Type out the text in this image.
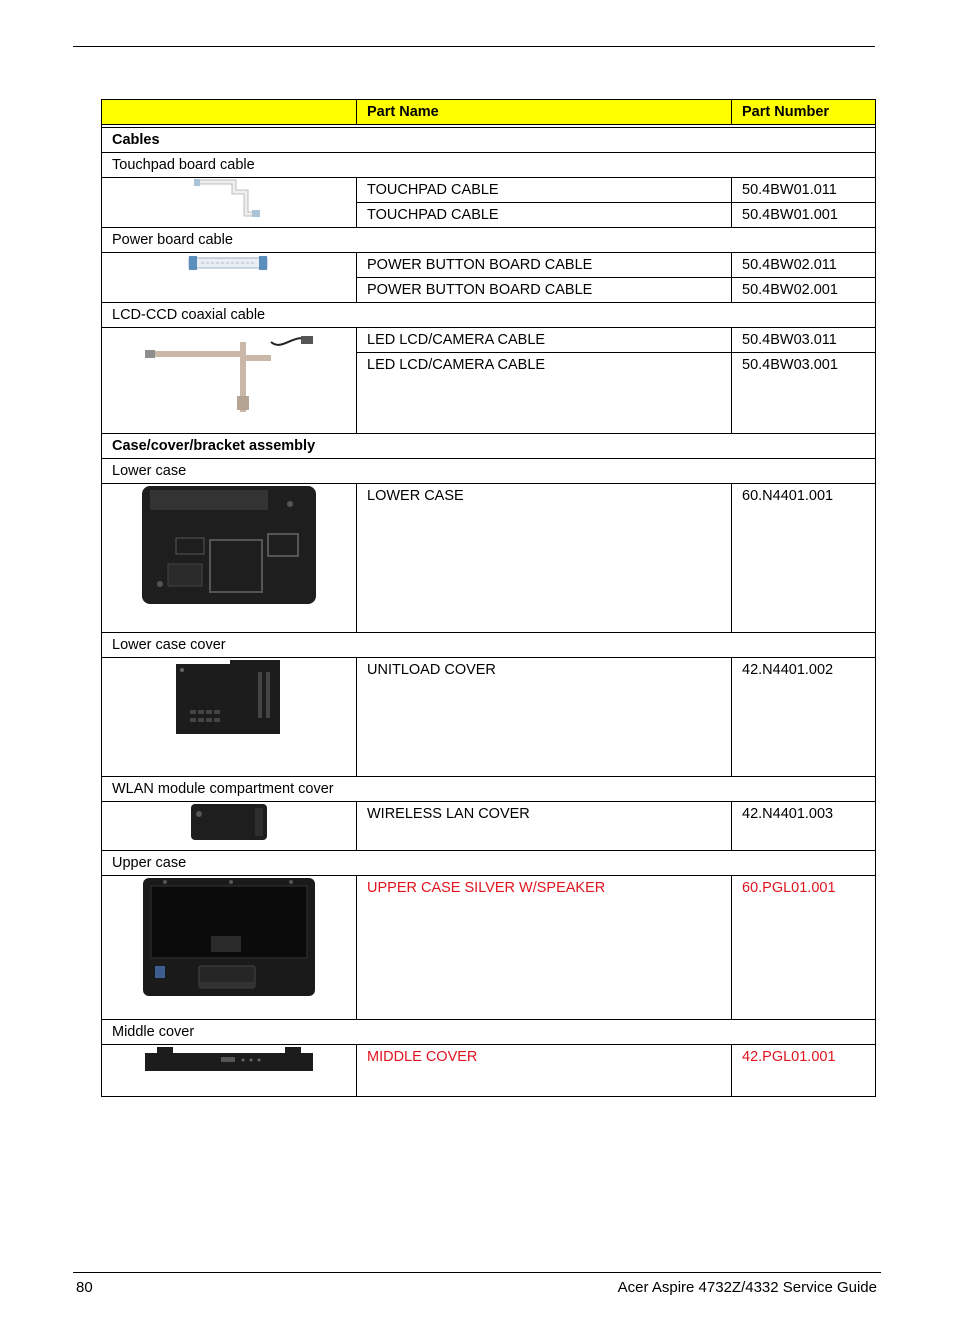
	Part Name	Part Number

Cables		
Touchpad board cable		

	TOUCHPAD CABLE	50.4BW01.011
	TOUCHPAD CABLE	50.4BW01.001
Power board cable		

	POWER BUTTON BOARD CABLE	50.4BW02.011
	POWER BUTTON BOARD CABLE	50.4BW02.001
LCD-CCD coaxial cable		

	LED LCD/CAMERA CABLE	50.4BW03.011
	LED LCD/CAMERA CABLE	50.4BW03.001
Case/cover/bracket assembly		
Lower case		

	LOWER CASE	60.N4401.001
Lower case cover		

	UNITLOAD COVER	42.N4401.002
WLAN module compartment cover		

	WIRELESS LAN COVER	42.N4401.003
Upper case		

	UPPER CASE SILVER W/SPEAKER	60.PGL01.001
Middle cover		

	MIDDLE COVER	42.PGL01.001
80	Acer Aspire 4732Z/4332 Service Guide
